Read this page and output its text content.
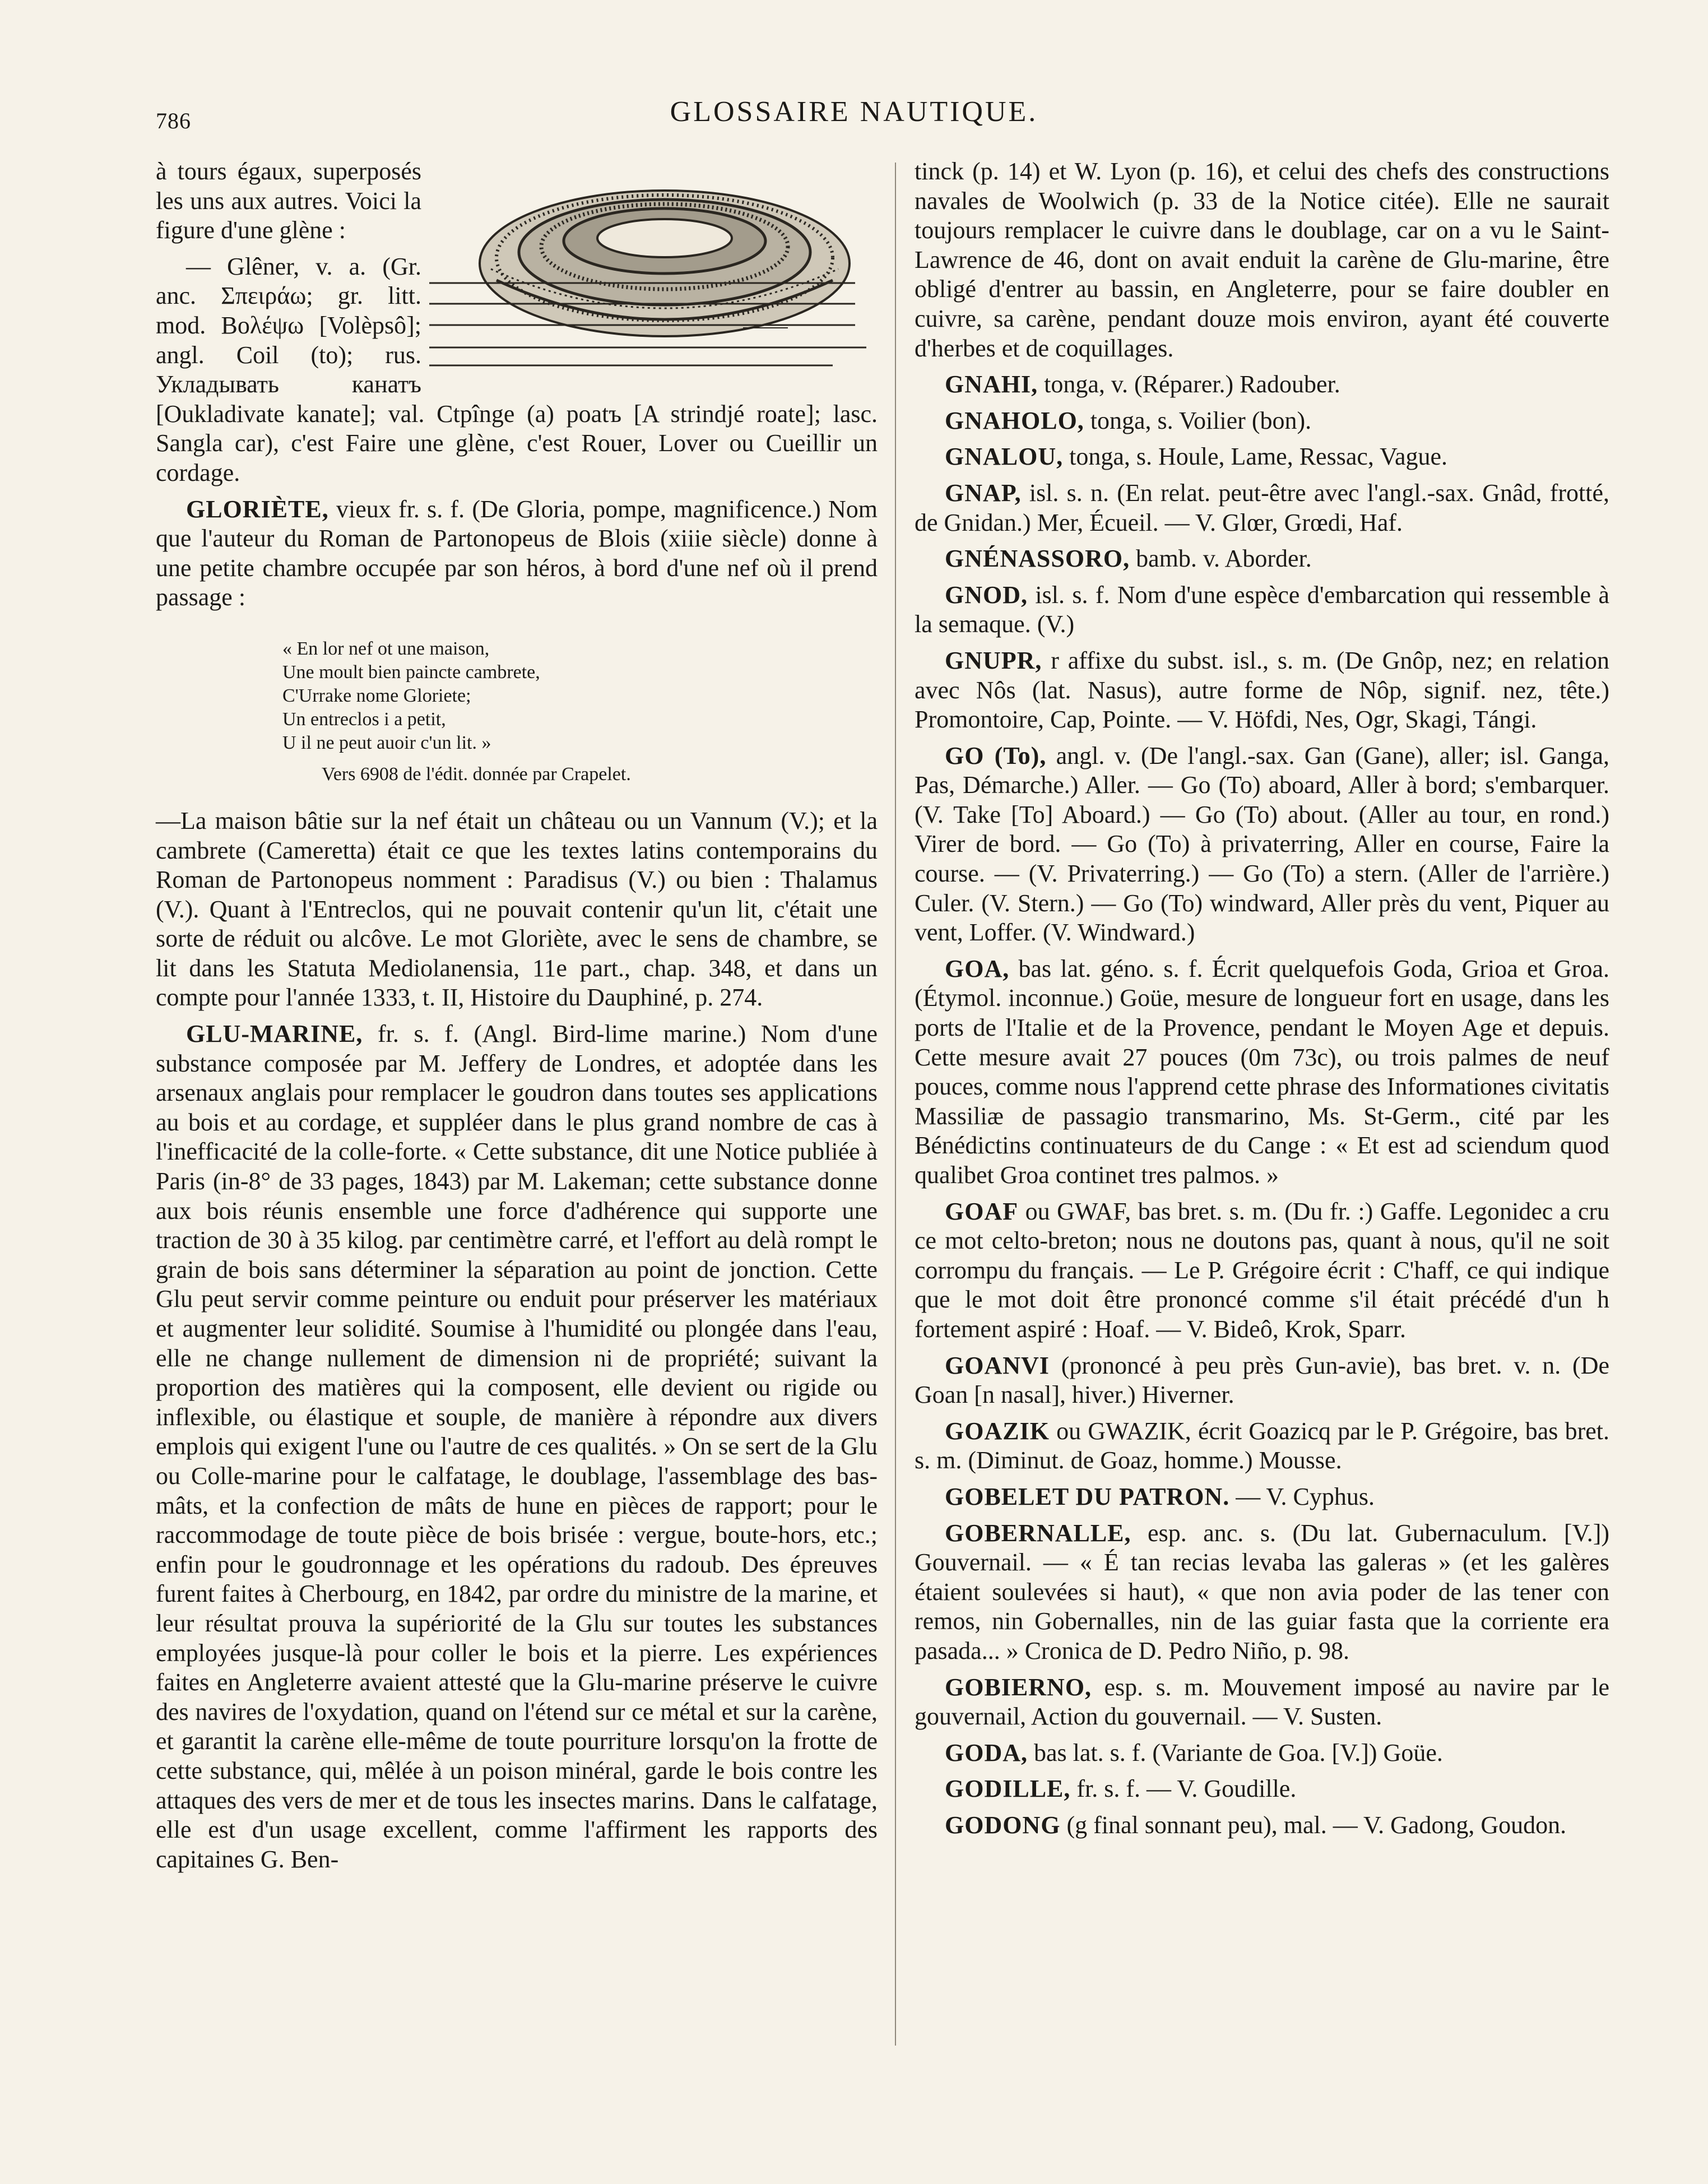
786	GLOSSAIRE NAUTIQUE.

à tours égaux, superposés les uns aux autres. Voici la figure d'une glène :

— Glêner, v. a. (Gr. anc. Σπειράω; gr. litt. mod. Βολέψω [Volèpsô]; angl. Coil (to); rus. Укладывать канатъ [Oukladivate kanate]; val. Ctpînge (a) poatъ [A strindjé roate]; lasc. Sangla car), c'est Faire une glène, c'est Rouer, Lover ou Cueillir un cordage.

GLORIÈTE, vieux fr. s. f. (De Gloria, pompe, magnificence.) Nom que l'auteur du Roman de Partonopeus de Blois (xiiie siècle) donne à une petite chambre occupée par son héros, à bord d'une nef où il prend passage :

« En lor nef ot une maison,
Une moult bien paincte cambrete,
C'Urrake nome Gloriete;
Un entreclos i a petit,
U il ne peut auoir c'un lit. »
Vers 6908 de l'édit. donnée par Crapelet.

—La maison bâtie sur la nef était un château ou un Vannum (V.); et la cambrete (Cameretta) était ce que les textes latins contemporains du Roman de Partonopeus nomment : Paradisus (V.) ou bien : Thalamus (V.). Quant à l'Entreclos, qui ne pouvait contenir qu'un lit, c'était une sorte de réduit ou alcôve. Le mot Gloriète, avec le sens de chambre, se lit dans les Statuta Mediolanensia, 11e part., chap. 348, et dans un compte pour l'année 1333, t. II, Histoire du Dauphiné, p. 274.

GLU-MARINE, fr. s. f. (Angl. Bird-lime marine.) Nom d'une substance composée par M. Jeffery de Londres, et adoptée dans les arsenaux anglais pour remplacer le goudron dans toutes ses applications au bois et au cordage, et suppléer dans le plus grand nombre de cas à l'inefficacité de la colle-forte. « Cette substance, dit une Notice publiée à Paris (in-8° de 33 pages, 1843) par M. Lakeman; cette substance donne aux bois réunis ensemble une force d'adhérence qui supporte une traction de 30 à 35 kilog. par centimètre carré, et l'effort au delà rompt le grain de bois sans déterminer la séparation au point de jonction. Cette Glu peut servir comme peinture ou enduit pour préserver les matériaux et augmenter leur solidité. Soumise à l'humidité ou plongée dans l'eau, elle ne change nullement de dimension ni de propriété; suivant la proportion des matières qui la composent, elle devient ou rigide ou inflexible, ou élastique et souple, de manière à répondre aux divers emplois qui exigent l'une ou l'autre de ces qualités. » On se sert de la Glu ou Colle-marine pour le calfatage, le doublage, l'assemblage des bas-mâts, et la confection de mâts de hune en pièces de rapport; pour le raccommodage de toute pièce de bois brisée : vergue, boute-hors, etc.; enfin pour le goudronnage et les opérations du radoub. Des épreuves furent faites à Cherbourg, en 1842, par ordre du ministre de la marine, et leur résultat prouva la supériorité de la Glu sur toutes les substances employées jusque-là pour coller le bois et la pierre. Les expériences faites en Angleterre avaient attesté que la Glu-marine préserve le cuivre des navires de l'oxydation, quand on l'étend sur ce métal et sur la carène, et garantit la carène elle-même de toute pourriture lorsqu'on la frotte de cette substance, qui, mêlée à un poison minéral, garde le bois contre les attaques des vers de mer et de tous les insectes marins. Dans le calfatage, elle est d'un usage excellent, comme l'affirment les rapports des capitaines G. Ben-

tinck (p. 14) et W. Lyon (p. 16), et celui des chefs des constructions navales de Woolwich (p. 33 de la Notice citée). Elle ne saurait toujours remplacer le cuivre dans le doublage, car on a vu le Saint-Lawrence de 46, dont on avait enduit la carène de Glu-marine, être obligé d'entrer au bassin, en Angleterre, pour se faire doubler en cuivre, sa carène, pendant douze mois environ, ayant été couverte d'herbes et de coquillages.

GNAHI, tonga, v. (Réparer.) Radouber.

GNAHOLO, tonga, s. Voilier (bon).

GNALOU, tonga, s. Houle, Lame, Ressac, Vague.

GNAP, isl. s. n. (En relat. peut-être avec l'angl.-sax. Gnâd, frotté, de Gnidan.) Mer, Écueil. — V. Glœr, Grœdi, Haf.

GNÉNASSORO, bamb. v. Aborder.

GNOD, isl. s. f. Nom d'une espèce d'embarcation qui ressemble à la semaque. (V.)

GNUPR, r affixe du subst. isl., s. m. (De Gnôp, nez; en relation avec Nôs (lat. Nasus), autre forme de Nôp, signif. nez, tête.) Promontoire, Cap, Pointe. — V. Höfdi, Nes, Ogr, Skagi, Tángi.

GO (To), angl. v. (De l'angl.-sax. Gan (Gane), aller; isl. Ganga, Pas, Démarche.) Aller. — Go (To) aboard, Aller à bord; s'embarquer. (V. Take [To] Aboard.) — Go (To) about. (Aller au tour, en rond.) Virer de bord. — Go (To) à privaterring, Aller en course, Faire la course. — (V. Privaterring.) — Go (To) a stern. (Aller de l'arrière.) Culer. (V. Stern.) — Go (To) windward, Aller près du vent, Piquer au vent, Loffer. (V. Windward.)

GOA, bas lat. géno. s. f. Écrit quelquefois Goda, Grioa et Groa. (Étymol. inconnue.) Goüe, mesure de longueur fort en usage, dans les ports de l'Italie et de la Provence, pendant le Moyen Age et depuis. Cette mesure avait 27 pouces (0m 73c), ou trois palmes de neuf pouces, comme nous l'apprend cette phrase des Informationes civitatis Massiliæ de passagio transmarino, Ms. St-Germ., cité par les Bénédictins continuateurs de du Cange : « Et est ad sciendum quod qualibet Groa continet tres palmos. »

GOAF ou GWAF, bas bret. s. m. (Du fr. :) Gaffe. Legonidec a cru ce mot celto-breton; nous ne doutons pas, quant à nous, qu'il ne soit corrompu du français. — Le P. Grégoire écrit : C'haff, ce qui indique que le mot doit être prononcé comme s'il était précédé d'un h fortement aspiré : Hoaf. — V. Bideô, Krok, Sparr.

GOANVI (prononcé à peu près Gun-avie), bas bret. v. n. (De Goan [n nasal], hiver.) Hiverner.

GOAZIK ou GWAZIK, écrit Goazicq par le P. Grégoire, bas bret. s. m. (Diminut. de Goaz, homme.) Mousse.

GOBELET DU PATRON. — V. Cyphus.

GOBERNALLE, esp. anc. s. (Du lat. Gubernaculum. [V.]) Gouvernail. — « É tan recias levaba las galeras » (et les galères étaient soulevées si haut), « que non avia poder de las tener con remos, nin Gobernalles, nin de las guiar fasta que la corriente era pasada... » Cronica de D. Pedro Niño, p. 98.

GOBIERNO, esp. s. m. Mouvement imposé au navire par le gouvernail, Action du gouvernail. — V. Susten.

GODA, bas lat. s. f. (Variante de Goa. [V.]) Goüe.

GODILLE, fr. s. f. — V. Goudille.

GODONG (g final sonnant peu), mal. — V. Gadong, Goudon.
